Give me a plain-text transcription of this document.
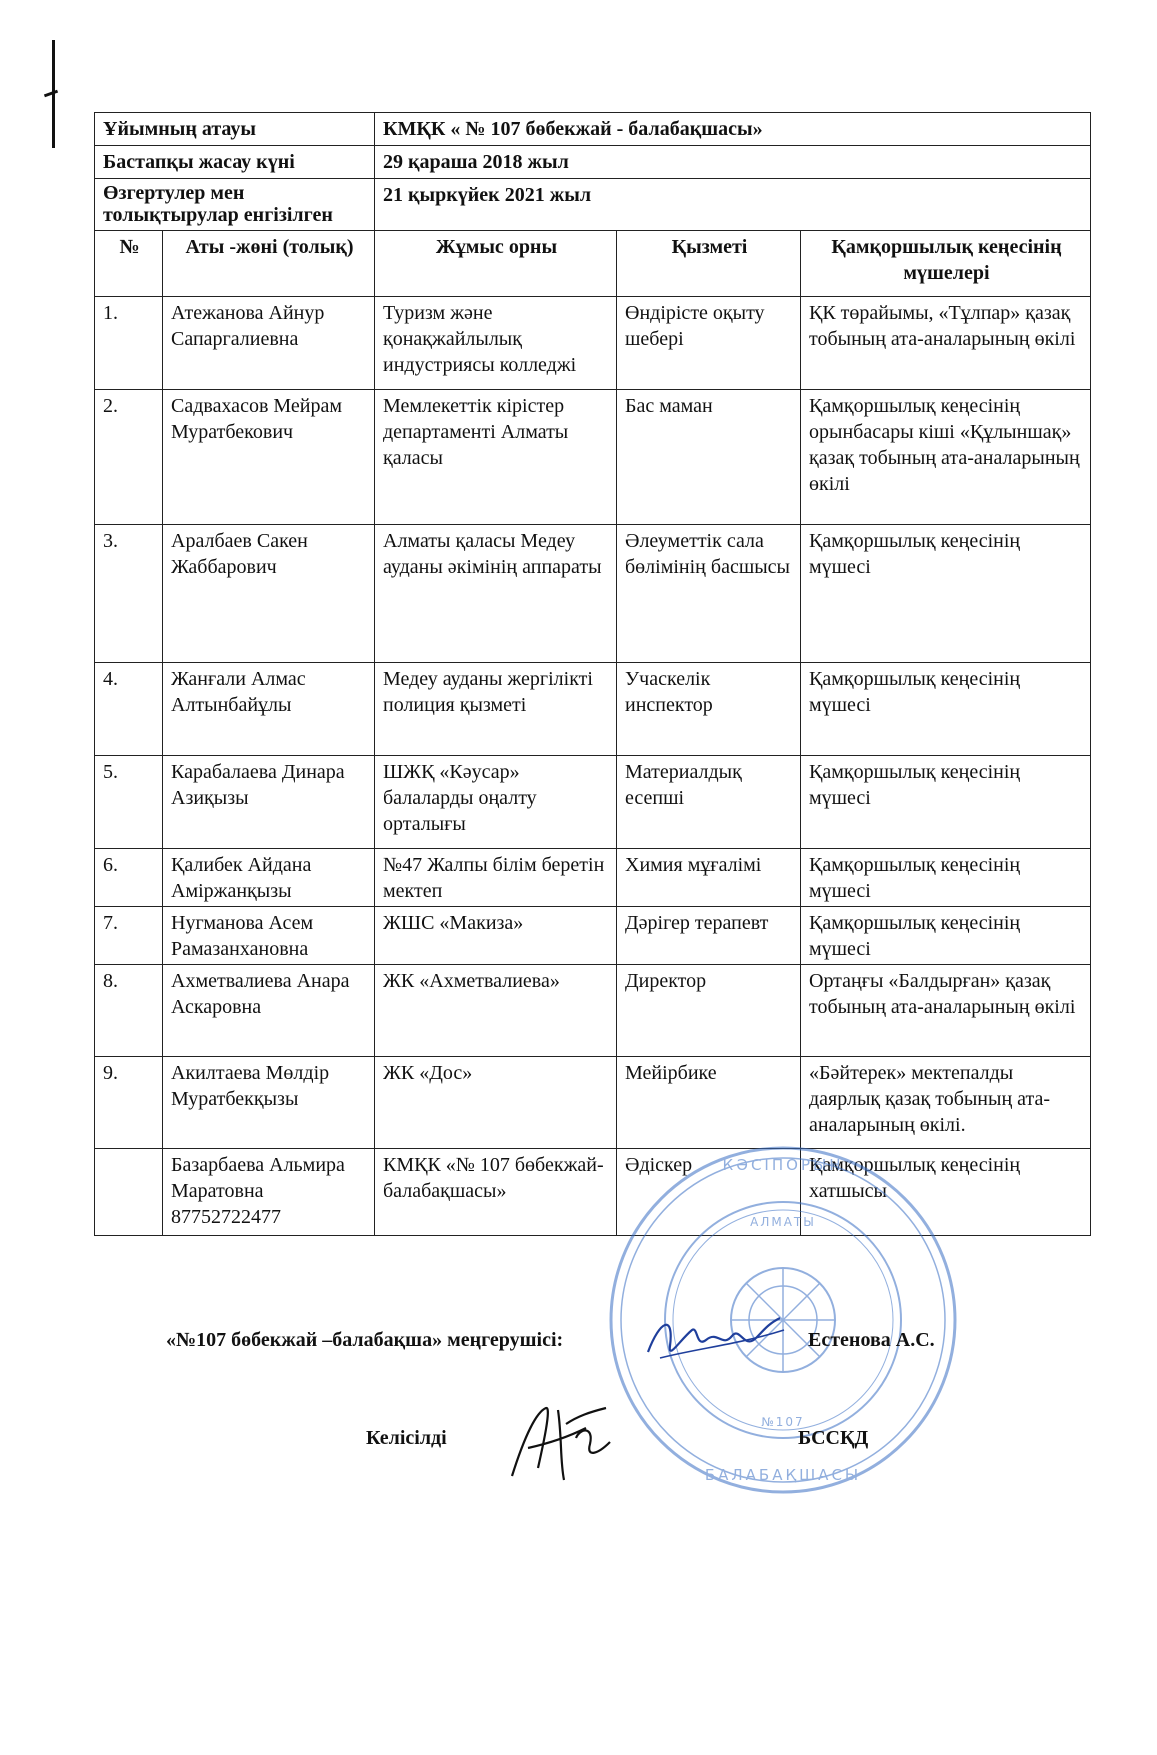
Ұйымның атауы		КМҚК « № 107 бөбекжай - балабақшасы»		
Бастапқы жасау күні		29 қараша 2018 жыл		
Өзгертулер мен толықтырулар енгізілген		21 қыркүйек 2021 жыл		
№	Аты -жөні (толық)	Жұмыс орны	Қызметі	Қамқоршылық кеңесінің мүшелері
1.	Атежанова Айнур Сапаргалиевна	Туризм және қонақжайлылық индустриясы колледжі	Өндірісте оқыту шебері	ҚК төрайымы, «Тұлпар» қазақ тобының ата-аналарының өкілі
2.	Садвахасов Мейрам Муратбекович	Мемлекеттік кірістер департаменті Алматы қаласы	Бас маман	Қамқоршылық кеңесінің орынбасары кіші «Құлыншақ» қазақ тобының ата-аналарының өкілі
3.	Аралбаев Сакен Жаббарович	Алматы қаласы Медеу ауданы әкімінің аппараты	Әлеуметтік сала бөлімінің басшысы	Қамқоршылық кеңесінің мүшесі
4.	Жанғали Алмас Алтынбайұлы	Медеу ауданы жергілікті полиция қызметі	Учаскелік инспектор	Қамқоршылық кеңесінің мүшесі
5.	Карабалаева Динара Азиқызы	ШЖҚ «Кәусар» балаларды оңалту орталығы	Материалдық есепші	Қамқоршылық кеңесінің мүшесі
6.	Қалибек Айдана Амiржанқызы	№47 Жалпы білім беретін мектеп	Химия мұғалімі	Қамқоршылық кеңесінің мүшесі
7.	Нугманова Асем Рамазанхановна	ЖШС «Макиза»	Дәрігер терапевт	Қамқоршылық кеңесінің мүшесі
8.	Ахметвалиева Анара Аскаровна	ЖК «Ахметвалиева»	Директор	Ортаңғы «Балдырған» қазақ тобының ата-аналарының өкілі
9.	Акилтаева Мөлдір Муратбекқызы	ЖК «Дос»	Мейірбике	«Бәйтерек» мектепалды даярлық қазақ тобының ата-аналарының өкілі.
	Базарбаева Альмира Маратовна 87752722477	КМҚК «№ 107 бөбекжай-балабақшасы»	Әдіскер	Қамқоршылық кеңесінің хатшысы
КӘСІПОРЫН
БАЛАБАҚШАСЫ
АЛМАТЫ
№107
«№107 бөбекжай –балабақша» меңгерушісі:	Естенова А.С.
Келісілді	БССҚД
